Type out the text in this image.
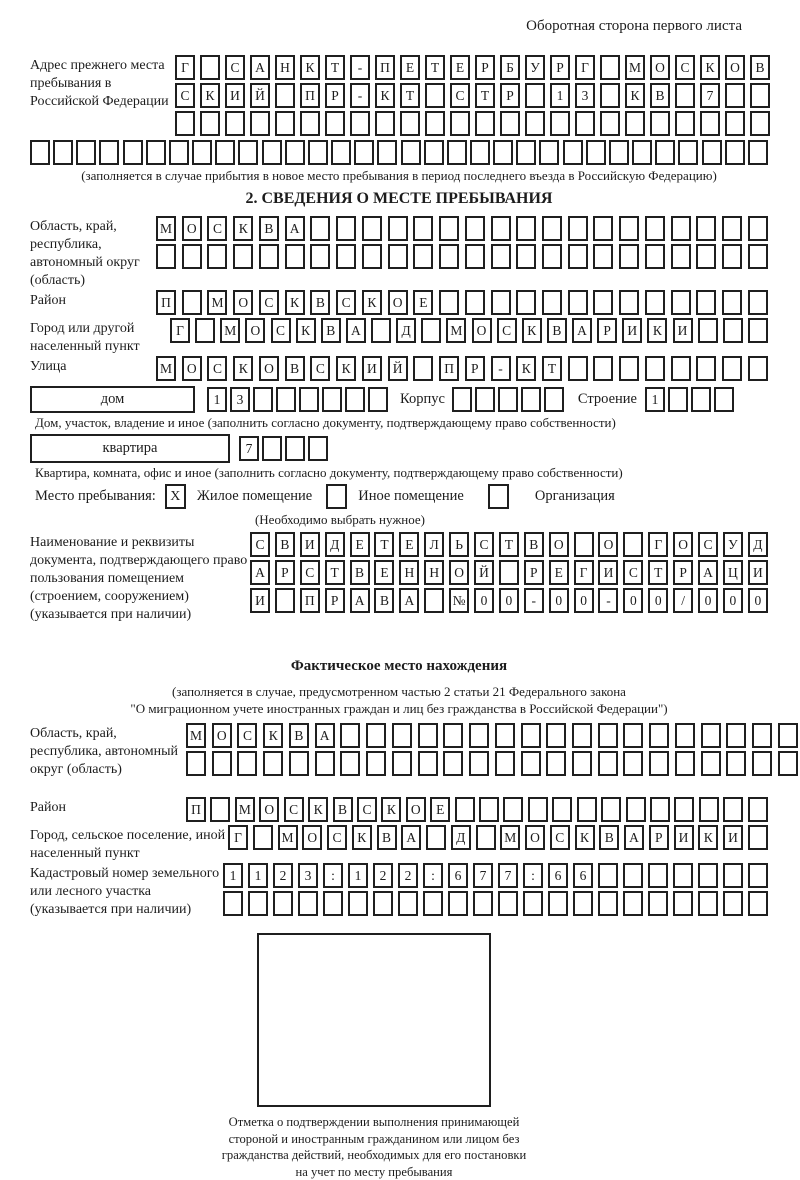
Оборотная сторона первого листа
Адрес прежнего места пребывания в Российской Федерации
Г
	С	А	Н	К	Т	-	П	Е	Т	Е	Р	Б	У	Р	Г
	М	О	С	К	О	В
С	К	И	Й
	П	Р	-	К	Т
	С	Т	Р
	1	3
	К	В
	7

(заполняется в случае прибытия в новое место пребывания в период последнего въезда в Российскую Федерацию)
2. СВЕДЕНИЯ О МЕСТЕ ПРЕБЫВАНИЯ
Область, край, республика, автономный округ (область)
М	О	С	К	В	А

Район	П
	М	О	С	К	В	С	К	О	Е

Город или другой населенный пункт
Г
	М	О	С	К	В	А
	Д
	М	О	С	К	В	А	Р	И	К	И

Улица	М	О	С	К	О	В	С	К	И	Й
	П	Р	-	К	Т

дом	1	3

	Корпус

	Строение	1

Дом, участок, владение и иное (заполнить согласно документу, подтверждающему право собственности)
квартира	7

Квартира, комната, офис и иное (заполнить согласно документу, подтверждающему право собственности)
Место пребывания:	X	Жилое помещение	Иное помещение	Организация
(Необходимо выбрать нужное)
Наименование и реквизиты документа, подтверждающего право пользования помещением (строением, сооружением) (указывается при наличии)
С	В	И	Д	Е	Т	Е	Л	Ь	С	Т	В	О
	О
	Г	О	С	У	Д
А	Р	С	Т	В	Е	Н	Н	О	Й
	Р	Е	Г	И	С	Т	Р	А	Ц	И
И
	П	Р	А	В	А
	№	0	0	-	0	0	-	0	0	/	0	0	0
Фактическое место нахождения
(заполняется в случае, предусмотренном частью 2 статьи 21 Федерального закона
"О миграционном учете иностранных граждан и лиц без гражданства в Российской Федерации")
Область, край, республика, автономный округ (область)
М	О	С	К	В	А

Район	П
	М	О	С	К	В	С	К	О	Е

Город, сельское поселение, иной населенный пункт
Г
	М	О	С	К	В	А
	Д
	М	О	С	К	В	А	Р	И	К	И

Кадастровый номер земельного или лесного участка (указывается при наличии)
1	1	2	3	:	1	2	2	:	6	7	7	:	6	6

Отметка о подтверждении выполнения принимающей стороной и иностранным гражданином или лицом без гражданства действий, необходимых для его постановки на учет по месту пребывания
